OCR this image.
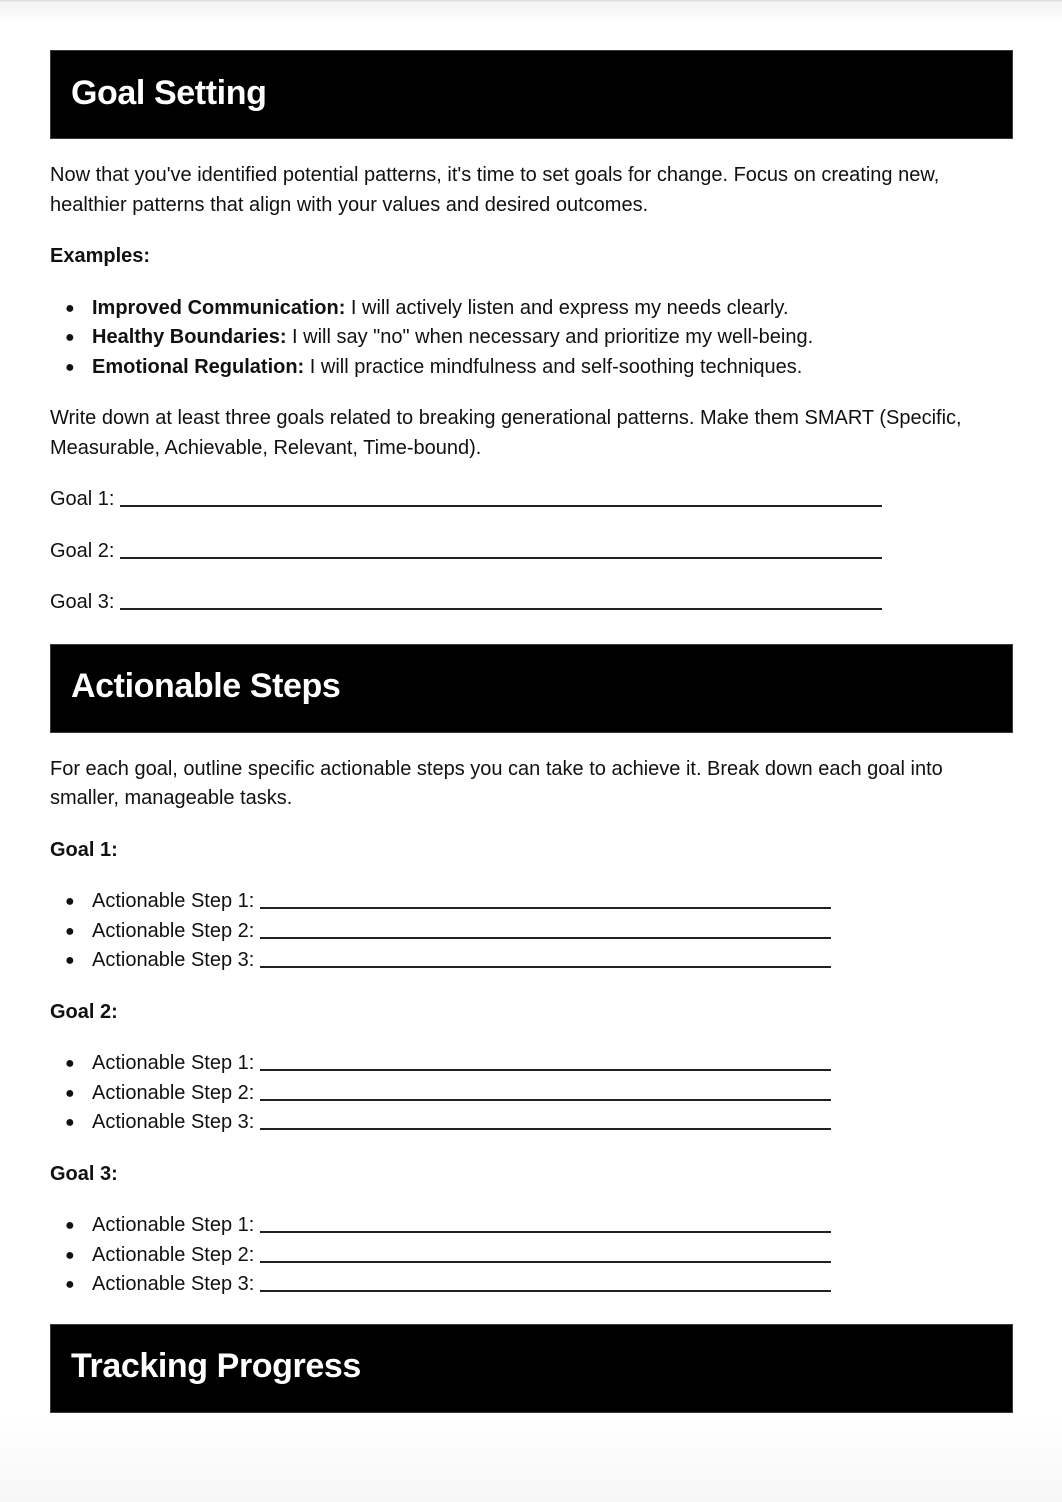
Goal Setting

Now that you've identified potential patterns, it's time to set goals for change. Focus on creating new, healthier patterns that align with your values and desired outcomes.

Examples:
● Improved Communication: I will actively listen and express my needs clearly.
● Healthy Boundaries: I will say "no" when necessary and prioritize my well-being.
● Emotional Regulation: I will practice mindfulness and self-soothing techniques.

Write down at least three goals related to breaking generational patterns. Make them SMART (Specific, Measurable, Achievable, Relevant, Time-bound).

Goal 1:
Goal 2:
Goal 3:
Actionable Steps

For each goal, outline specific actionable steps you can take to achieve it. Break down each goal into smaller, manageable tasks.

Goal 1:
● Actionable Step 1:
● Actionable Step 2:
● Actionable Step 3:
Goal 2:
● Actionable Step 1:
● Actionable Step 2:
● Actionable Step 3:
Goal 3:
● Actionable Step 1:
● Actionable Step 2:
● Actionable Step 3:
Tracking Progress
